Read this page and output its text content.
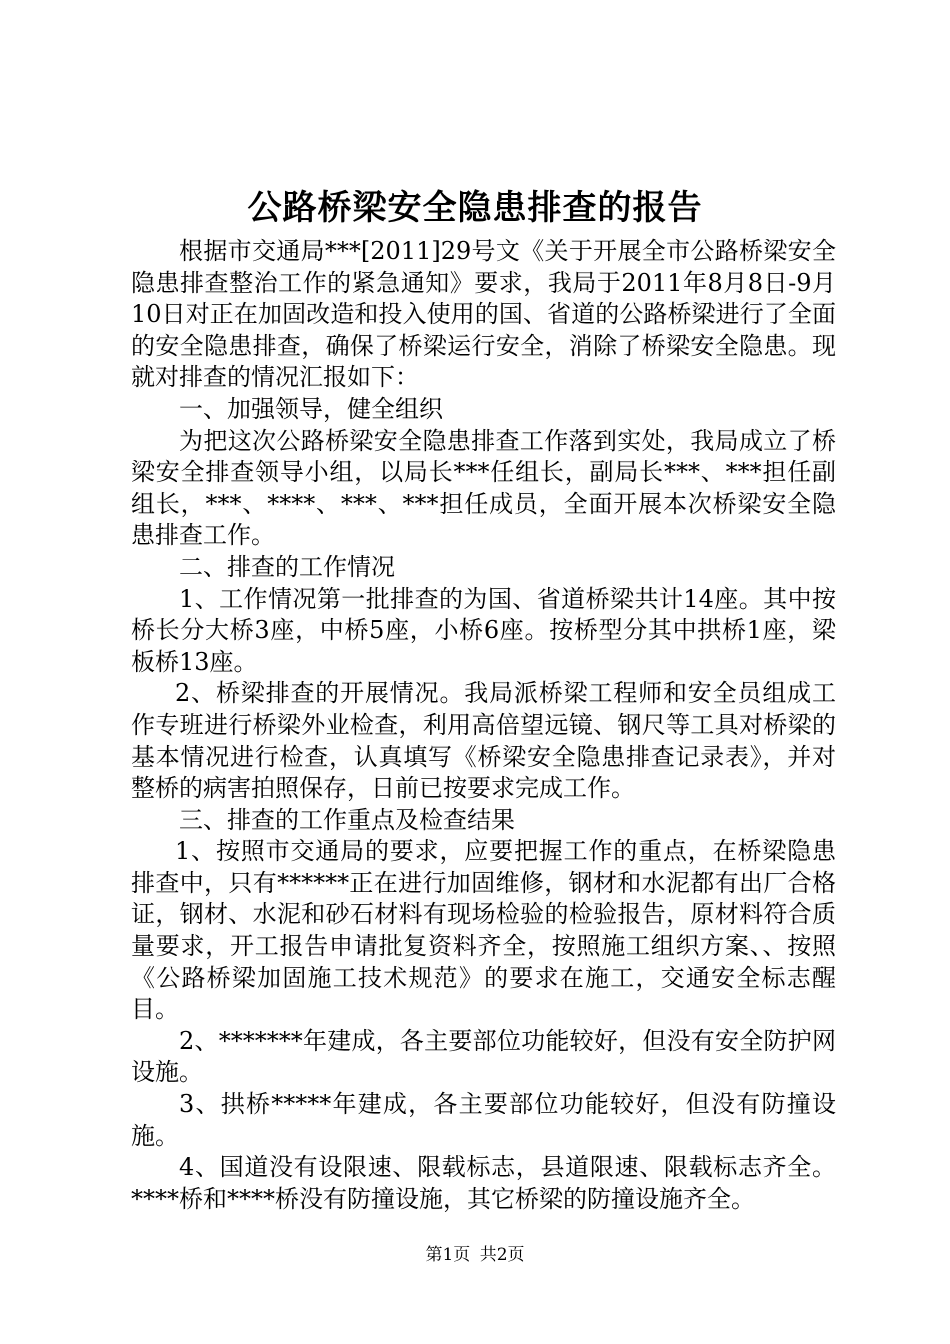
公路桥梁安全隐患排查的报告

根据市交通局***[2011]29号文《关于开展全市公路桥梁安全隐患排查整治工作的紧急通知》要求，我局于2011年8月8日-9月10日对正在加固改造和投入使用的国、省道的公路桥梁进行了全面的安全隐患排查，确保了桥梁运行安全，消除了桥梁安全隐患。现就对排查的情况汇报如下：

一、加强领导，健全组织

为把这次公路桥梁安全隐患排查工作落到实处，我局成立了桥梁安全排查领导小组，以局长***任组长，副局长***、***担任副组长，***、****、***、***担任成员，全面开展本次桥梁安全隐患排查工作。

二、排查的工作情况

1、工作情况第一批排查的为国、省道桥梁共计14座。其中按桥长分大桥3座，中桥5座，小桥6座。按桥型分其中拱桥1座，梁板桥13座。

2、桥梁排查的开展情况。我局派桥梁工程师和安全员组成工作专班进行桥梁外业检查，利用高倍望远镜、钢尺等工具对桥梁的基本情况进行检查，认真填写《桥梁安全隐患排查记录表》，并对整桥的病害拍照保存，日前已按要求完成工作。

三、排查的工作重点及检查结果

1、按照市交通局的要求，应要把握工作的重点，在桥梁隐患排查中，只有******正在进行加固维修，钢材和水泥都有出厂合格证，钢材、水泥和砂石材料有现场检验的检验报告，原材料符合质量要求，开工报告申请批复资料齐全，按照施工组织方案、、按照《公路桥梁加固施工技术规范》的要求在施工，交通安全标志醒目。

2、*******年建成，各主要部位功能较好，但没有安全防护网设施。

3、拱桥*****年建成，各主要部位功能较好，但没有防撞设施。

4、国道没有设限速、限载标志，县道限速、限载标志齐全。****桥和****桥没有防撞设施，其它桥梁的防撞设施齐全。

第1页 共2页
